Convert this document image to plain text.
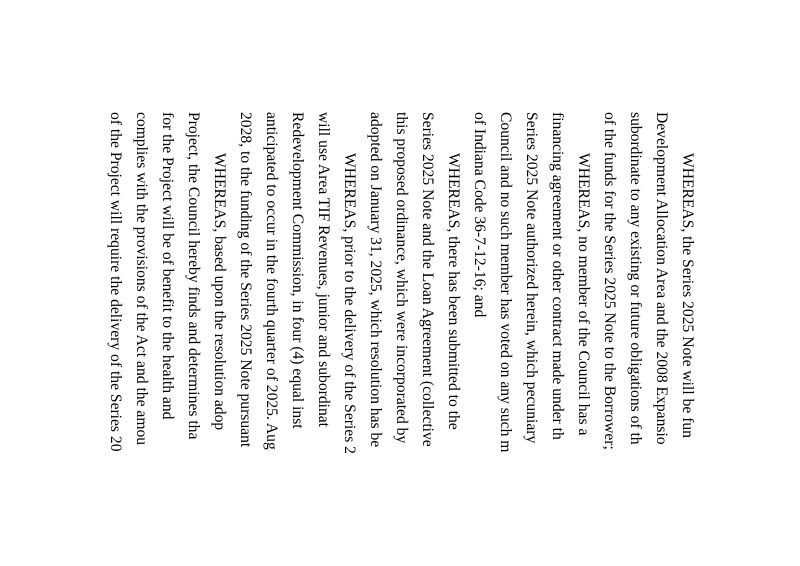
WHEREAS, the Series 2025 Note will be fun
Development Allocation Area and the 2008 Expansio
subordinate to any existing or future obligations of th
of the funds for the Series 2025 Note to the Borrower;
WHEREAS, no member of the Council has a
financing agreement or other contract made under th
Series 2025 Note authorized herein, which pecuniary
Council and no such member has voted on any such m
of Indiana Code 36-7-12-16; and
WHEREAS, there has been submitted to the
Series 2025 Note and the Loan Agreement (collective
this proposed ordinance, which were incorporated by
adopted on January 31, 2025, which resolution has be
WHEREAS, prior to the delivery of the Series 2
will use Area TIF Revenues, junior and subordinat
Redevelopment Commission, in four (4) equal inst
anticipated to occur in the fourth quarter of 2025. Aug
2028, to the funding of the Series 2025 Note pursuant
WHEREAS, based upon the resolution adop
Project, the Council hereby finds and determines tha
for the Project will be of benefit to the health and
complies with the provisions of the Act and the amou
of the Project will require the delivery of the Series 20
